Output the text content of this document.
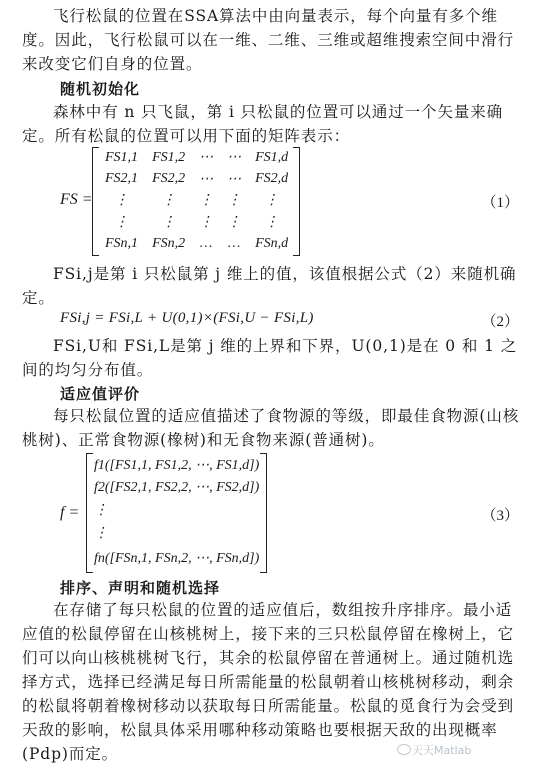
飞行松鼠的位置在SSA算法中由向量表示，每个向量有多个维度。因此，飞行松鼠可以在一维、二维、三维或超维搜索空间中滑行来改变它们自身的位置。

随机初始化

森林中有 n 只飞鼠，第 i 只松鼠的位置可以通过一个矢量来确定。所有松鼠的位置可以用下面的矩阵表示：

FS =
FS1,1	FS1,2	⋯	⋯	FS1,d
FS2,1	FS2,2	⋯	⋯	FS2,d
⋮	⋮	⋮	⋮	⋮
⋮	⋮	⋮	⋮	⋮
FSn,1	FSn,2	…	…	FSn,d
（1）

FSi,j是第 i 只松鼠第 j 维上的值，该值根据公式（2）来随机确定。

FSi,j = FSi,L + U(0,1)×(FSi,U − FSi,L)	（2）

FSi,U和 FSi,L是第 j 维的上界和下界，U(0,1)是在 0 和 1 之间的均匀分布值。

适应值评价

每只松鼠位置的适应值描述了食物源的等级，即最佳食物源(山核桃树)、正常食物源(橡树)和无食物来源(普通树)。

f =
f1([FS1,1, FS1,2, ⋯, FS1,d])
f2([FS2,1, FS2,2, ⋯, FS2,d])
⋮
⋮
fn([FSn,1, FSn,2, ⋯, FSn,d])
（3）

排序、声明和随机选择

在存储了每只松鼠的位置的适应值后，数组按升序排序。最小适应值的松鼠停留在山核桃树上，接下来的三只松鼠停留在橡树上，它们可以向山核桃桃树飞行，其余的松鼠停留在普通树上。通过随机选择方式，选择已经满足每日所需能量的松鼠朝着山核桃树移动，剩余的松鼠将朝着橡树移动以获取每日所需能量。松鼠的觅食行为会受到天敌的影响，松鼠具体采用哪种移动策略也要根据天敌的出现概率(Pdp)而定。	天天Matlab
